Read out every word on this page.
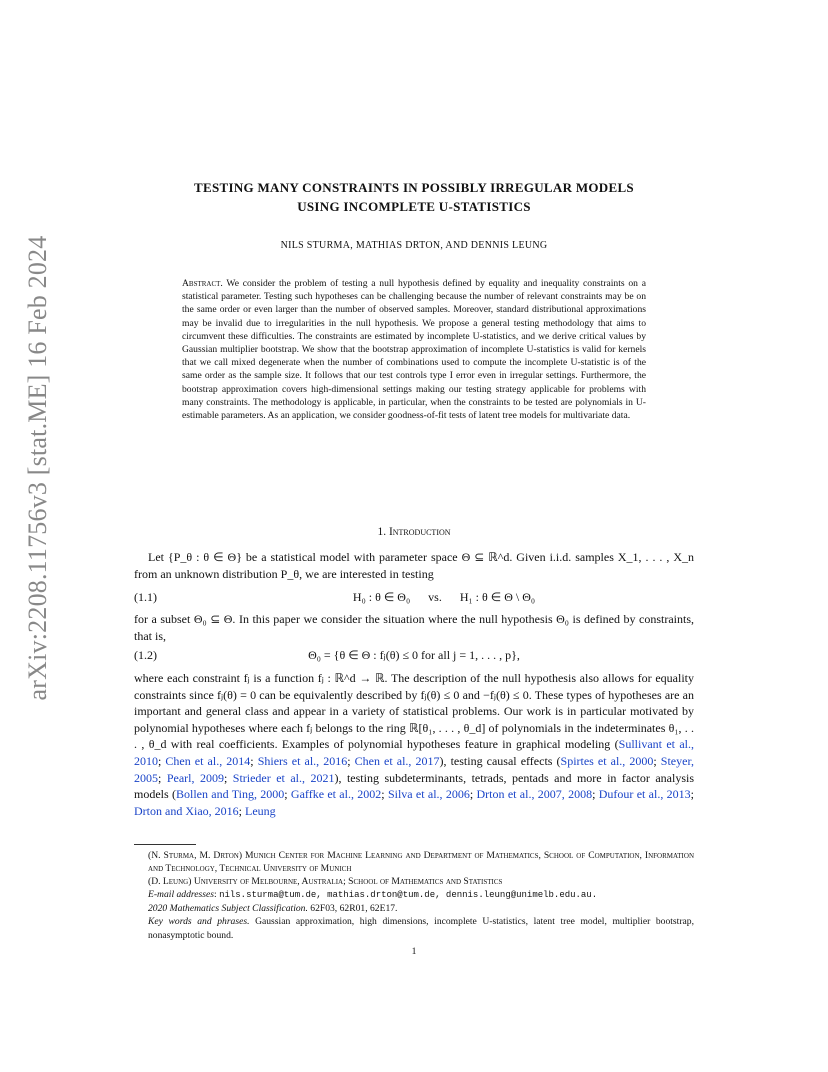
arXiv:2208.11756v3 [stat.ME] 16 Feb 2024
TESTING MANY CONSTRAINTS IN POSSIBLY IRREGULAR MODELS
USING INCOMPLETE U-STATISTICS
NILS STURMA, MATHIAS DRTON, AND DENNIS LEUNG
Abstract. We consider the problem of testing a null hypothesis defined by equality and inequality constraints on a statistical parameter. Testing such hypotheses can be challenging because the number of relevant constraints may be on the same order or even larger than the number of observed samples. Moreover, standard distributional approximations may be invalid due to irregularities in the null hypothesis. We propose a general testing methodology that aims to circumvent these difficulties. The constraints are estimated by incomplete U-statistics, and we derive critical values by Gaussian multiplier bootstrap. We show that the bootstrap approximation of incomplete U-statistics is valid for kernels that we call mixed degenerate when the number of combinations used to compute the incomplete U-statistic is of the same order as the sample size. It follows that our test controls type I error even in irregular settings. Furthermore, the bootstrap approximation covers high-dimensional settings making our testing strategy applicable for problems with many constraints. The methodology is applicable, in particular, when the constraints to be tested are polynomials in U-estimable parameters. As an application, we consider goodness-of-fit tests of latent tree models for multivariate data.
1. Introduction
Let {P_θ : θ ∈ Θ} be a statistical model with parameter space Θ ⊆ ℝ^d. Given i.i.d. samples X_1, . . . , X_n from an unknown distribution P_θ, we are interested in testing
(1.1)	H₀ : θ ∈ Θ₀ vs. H₁ : θ ∈ Θ \ Θ₀
for a subset Θ₀ ⊆ Θ. In this paper we consider the situation where the null hypothesis Θ₀ is defined by constraints, that is,
(1.2)	Θ₀ = {θ ∈ Θ : fⱼ(θ) ≤ 0 for all j = 1, . . . , p},
where each constraint fⱼ is a function fⱼ : ℝ^d → ℝ. The description of the null hypothesis also allows for equality constraints since fⱼ(θ) = 0 can be equivalently described by fⱼ(θ) ≤ 0 and −fⱼ(θ) ≤ 0. These types of hypotheses are an important and general class and appear in a variety of statistical problems. Our work is in particular motivated by polynomial hypotheses where each fⱼ belongs to the ring ℝ[θ₁, . . . , θ_d] of polynomials in the indeterminates θ₁, . . . , θ_d with real coefficients. Examples of polynomial hypotheses feature in graphical modeling (Sullivant et al., 2010; Chen et al., 2014; Shiers et al., 2016; Chen et al., 2017), testing causal effects (Spirtes et al., 2000; Steyer, 2005; Pearl, 2009; Strieder et al., 2021), testing subdeterminants, tetrads, pentads and more in factor analysis models (Bollen and Ting, 2000; Gaffke et al., 2002; Silva et al., 2006; Drton et al., 2007, 2008; Dufour et al., 2013; Drton and Xiao, 2016; Leung
(N. Sturma, M. Drton) Munich Center for Machine Learning and Department of Mathematics, School of Computation, Information and Technology, Technical University of Munich
(D. Leung) University of Melbourne, Australia; School of Mathematics and Statistics
E-mail addresses: nils.sturma@tum.de, mathias.drton@tum.de, dennis.leung@unimelb.edu.au.
2020 Mathematics Subject Classification. 62F03, 62R01, 62E17.
Key words and phrases. Gaussian approximation, high dimensions, incomplete U-statistics, latent tree model, multiplier bootstrap, nonasymptotic bound.
1
